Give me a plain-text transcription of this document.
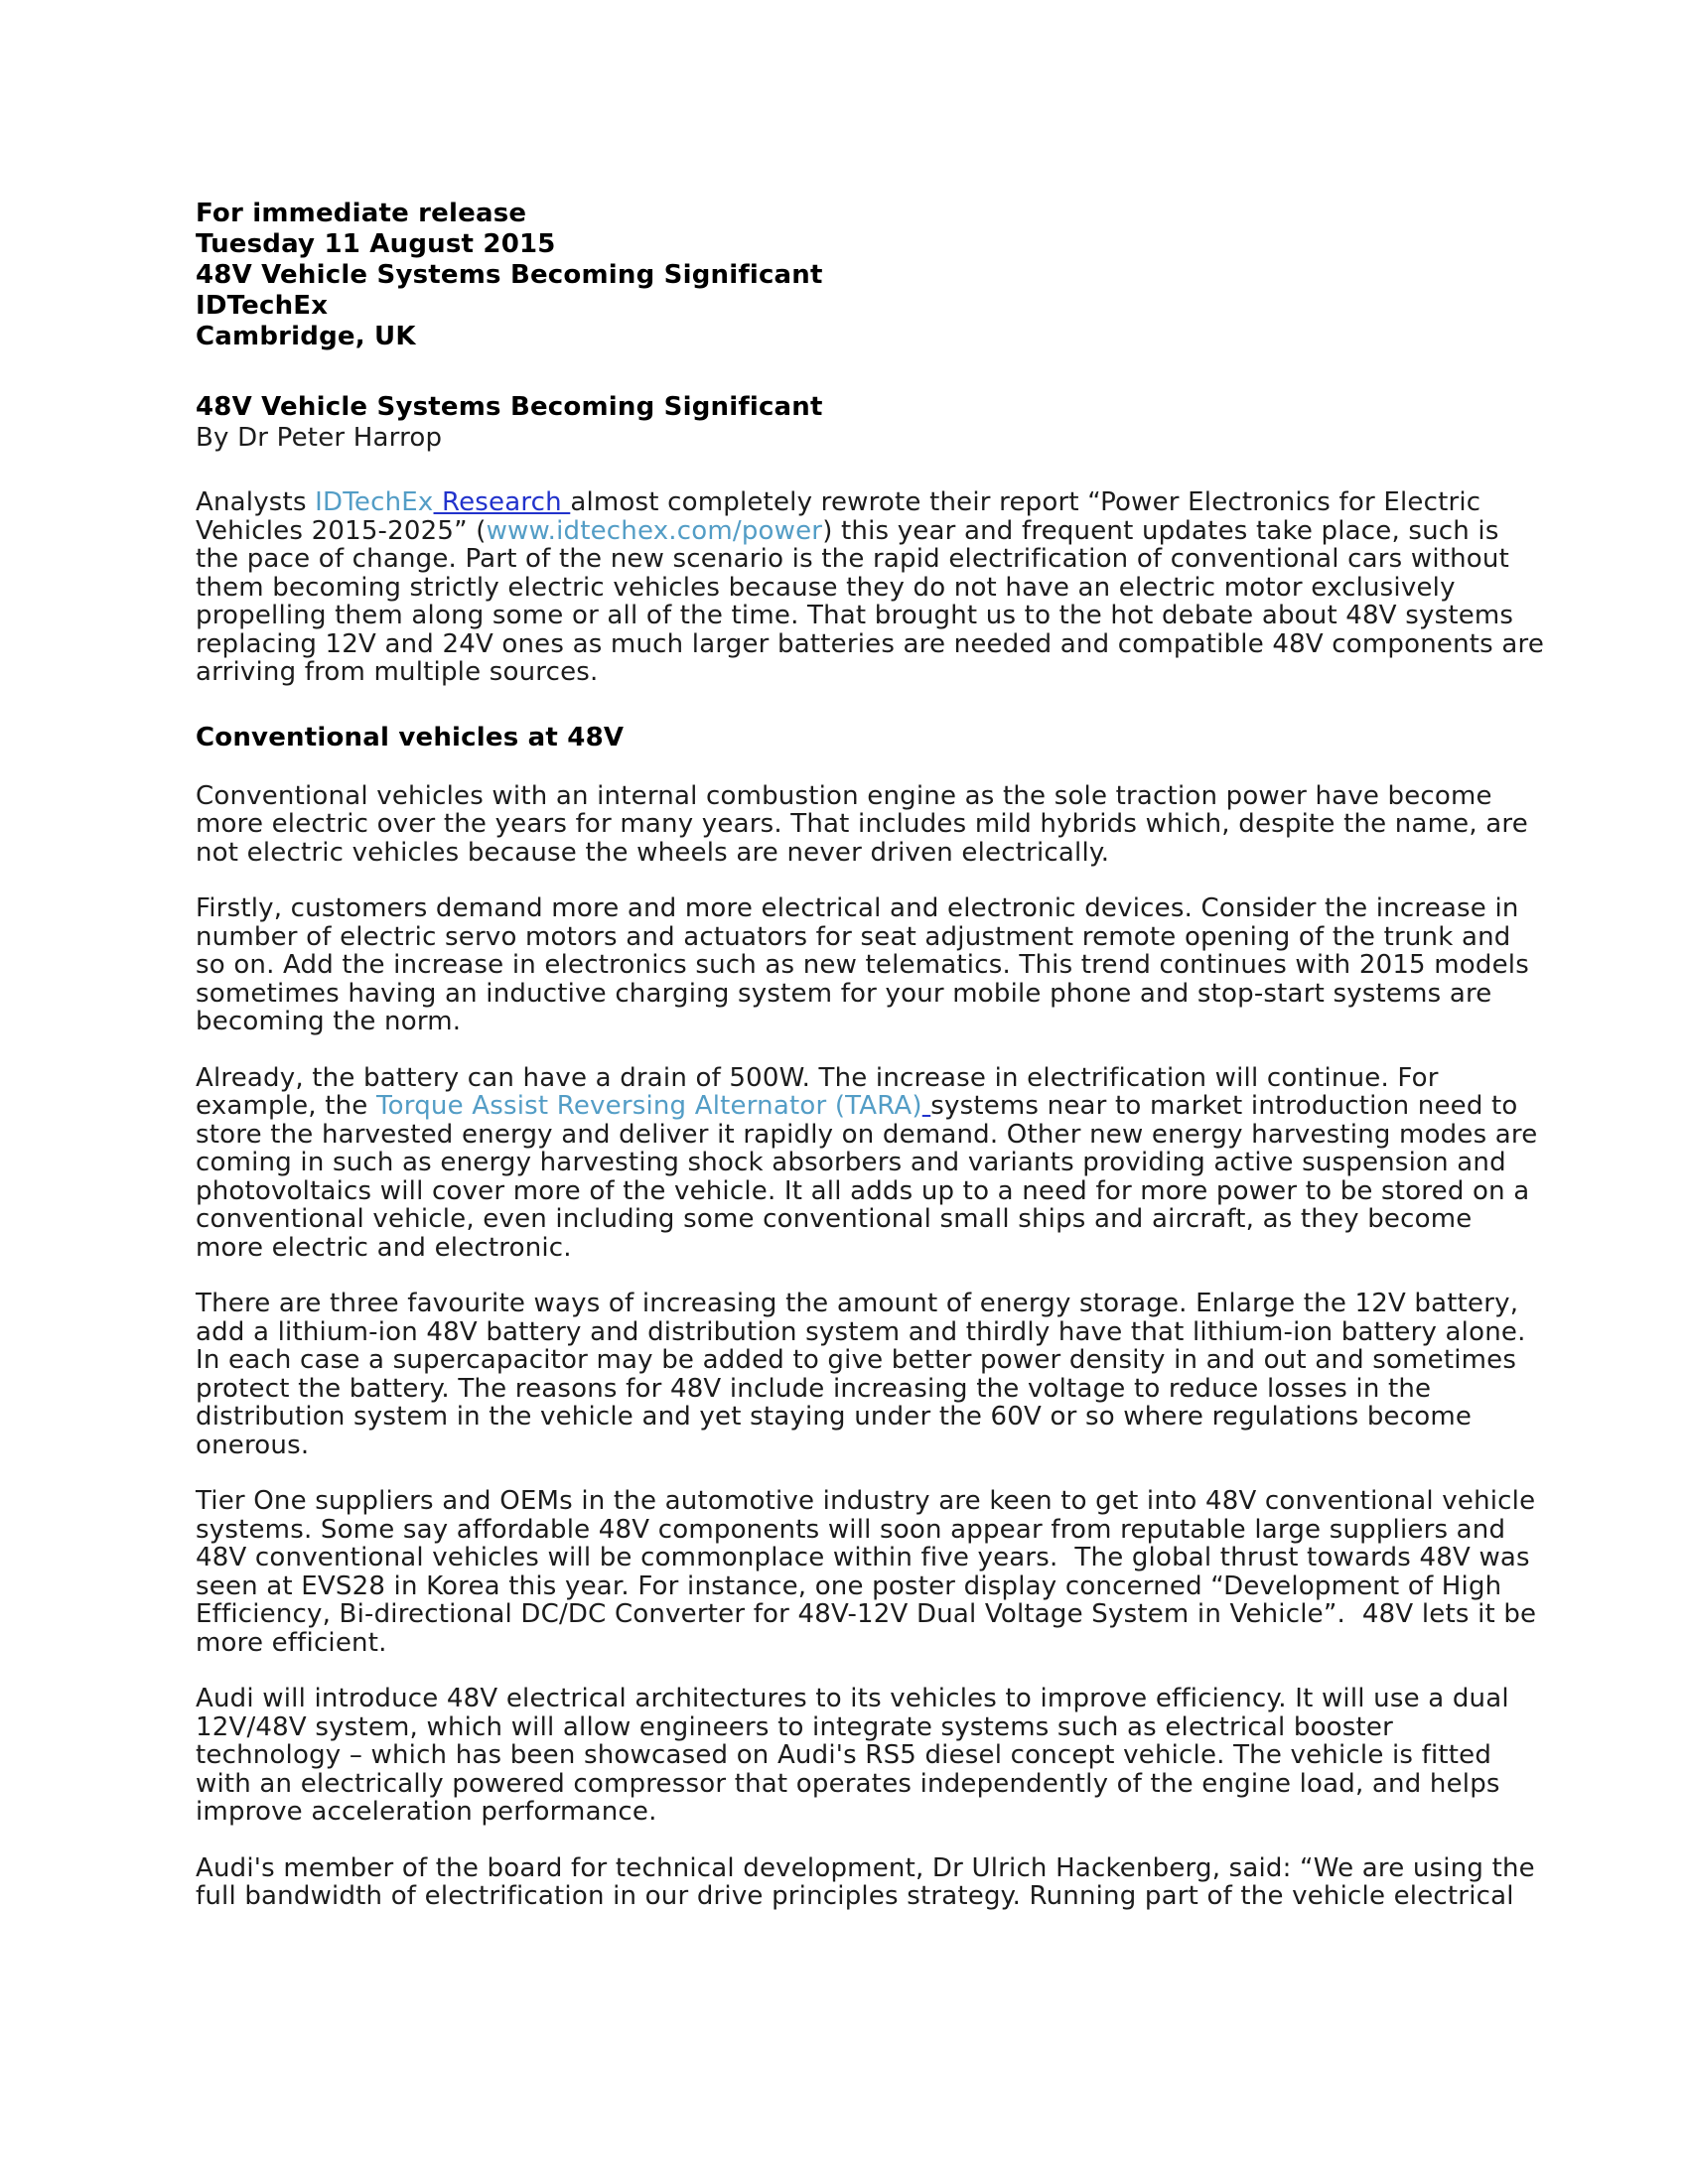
For immediate release
Tuesday 11 August 2015
48V Vehicle Systems Becoming Significant
IDTechEx
Cambridge, UK
48V Vehicle Systems Becoming Significant
By Dr Peter Harrop

Analysts IDTechEx Research almost completely rewrote their report “Power Electronics for Electric Vehicles 2015-2025” (www.idtechex.com/power) this year and frequent updates take place, such is the pace of change. Part of the new scenario is the rapid electrification of conventional cars without them becoming strictly electric vehicles because they do not have an electric motor exclusively propelling them along some or all of the time. That brought us to the hot debate about 48V systems replacing 12V and 24V ones as much larger batteries are needed and compatible 48V components are arriving from multiple sources.

Conventional vehicles at 48V

Conventional vehicles with an internal combustion engine as the sole traction power have become more electric over the years for many years. That includes mild hybrids which, despite the name, are not electric vehicles because the wheels are never driven electrically.

Firstly, customers demand more and more electrical and electronic devices. Consider the increase in number of electric servo motors and actuators for seat adjustment remote opening of the trunk and so on. Add the increase in electronics such as new telematics. This trend continues with 2015 models sometimes having an inductive charging system for your mobile phone and stop-start systems are becoming the norm.

Already, the battery can have a drain of 500W. The increase in electrification will continue. For example, the Torque Assist Reversing Alternator (TARA) systems near to market introduction need to store the harvested energy and deliver it rapidly on demand. Other new energy harvesting modes are coming in such as energy harvesting shock absorbers and variants providing active suspension and photovoltaics will cover more of the vehicle. It all adds up to a need for more power to be stored on a conventional vehicle, even including some conventional small ships and aircraft, as they become more electric and electronic.

There are three favourite ways of increasing the amount of energy storage. Enlarge the 12V battery, add a lithium-ion 48V battery and distribution system and thirdly have that lithium-ion battery alone.  In each case a supercapacitor may be added to give better power density in and out and sometimes protect the battery. The reasons for 48V include increasing the voltage to reduce losses in the distribution system in the vehicle and yet staying under the 60V or so where regulations become onerous.

Tier One suppliers and OEMs in the automotive industry are keen to get into 48V conventional vehicle systems. Some say affordable 48V components will soon appear from reputable large suppliers and 48V conventional vehicles will be commonplace within five years.  The global thrust towards 48V was seen at EVS28 in Korea this year. For instance, one poster display concerned “Development of High Efficiency, Bi-directional DC/DC Converter for 48V-12V Dual Voltage System in Vehicle”.  48V lets it be more efficient.

Audi will introduce 48V electrical architectures to its vehicles to improve efficiency. It will use a dual 12V/48V system, which will allow engineers to integrate systems such as electrical booster technology – which has been showcased on Audi's RS5 diesel concept vehicle. The vehicle is fitted with an electrically powered compressor that operates independently of the engine load, and helps improve acceleration performance.

Audi's member of the board for technical development, Dr Ulrich Hackenberg, said: “We are using the full bandwidth of electrification in our drive principles strategy. Running part of the vehicle electrical
